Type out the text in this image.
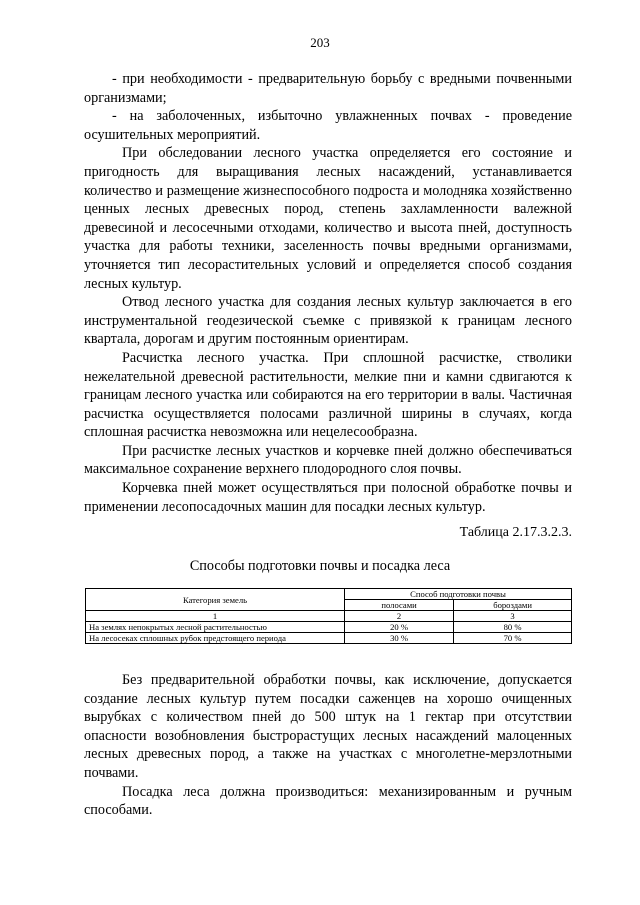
203

- при необходимости - предварительную борьбу с вредными почвенными организмами;

- на заболоченных, избыточно увлажненных почвах - проведение осушительных мероприятий.

При обследовании лесного участка определяется его состояние и пригодность для выращивания лесных насаждений, устанавливается количество и размещение жизнеспособного подроста и молодняка хозяйственно ценных лесных древесных пород, степень захламленности валежной древесиной и лесосечными отходами, количество и высота пней, доступность участка для работы техники, заселенность почвы вредными организмами, уточняется тип лесорастительных условий и определяется способ создания лесных культур.

Отвод лесного участка для создания лесных культур заключается в его инструментальной геодезической съемке с привязкой к границам лесного квартала, дорогам и другим постоянным ориентирам.

Расчистка лесного участка. При сплошной расчистке, стволики нежелательной древесной растительности, мелкие пни и камни сдвигаются к границам лесного участка или собираются на его территории в валы. Частичная расчистка осуществляется полосами различной ширины в случаях, когда сплошная расчистка невозможна или нецелесообразна.

При расчистке лесных участков и корчевке пней должно обеспечиваться максимальное сохранение верхнего плодородного слоя почвы.

Корчевка пней может осуществляться при полосной обработке почвы и применении лесопосадочных машин для посадки лесных культур.

Таблица 2.17.3.2.3.
Способы подготовки почвы и посадка леса
Категория земель	Способ подготовки почвы	
	полосами	бороздами
1	2	3
На землях непокрытых лесной растительностью	20 %	80 %
На лесосеках сплошных рубок предстоящего периода	30 %	70 %

Без предварительной обработки почвы, как исключение, допускается создание лесных культур путем посадки саженцев на хорошо очищенных вырубках с количеством пней до 500 штук на 1 гектар при отсутствии опасности возобновления быстрорастущих лесных насаждений малоценных лесных древесных пород, а также на участках с многолетне-мерзлотными почвами.

Посадка леса должна производиться: механизированным и ручным способами.
